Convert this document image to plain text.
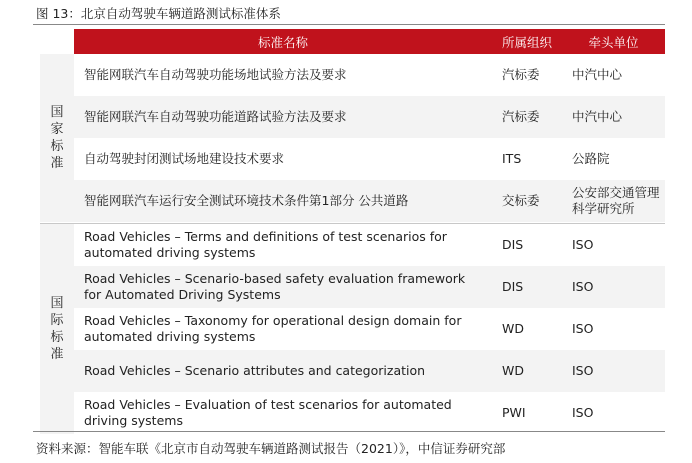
图 13：北京自动驾驶车辆道路测试标准体系
	标准名称	所属组织	牵头单位

国家标准	智能网联汽车自动驾驶功能场地试验方法及要求	汽标委	中汽中心
	智能网联汽车自动驾驶功能道路试验方法及要求	汽标委	中汽中心
	自动驾驶封闭测试场地建设技术要求	ITS	公路院
	智能网联汽车运行安全测试环境技术条件第1部分 公共道路	交标委	公安部交通管理科学研究所

国际标准	Road Vehicles – Terms and definitions of test scenarios for automated driving systems	DIS	ISO
	Road Vehicles – Scenario-based safety evaluation framework for Automated Driving Systems	DIS	ISO
	Road Vehicles – Taxonomy for operational design domain for automated driving systems	WD	ISO
	Road Vehicles – Scenario attributes and categorization	WD	ISO
	Road Vehicles – Evaluation of test scenarios for automated driving systems	PWI	ISO
资料来源：智能车联《北京市自动驾驶车辆道路测试报告（2021）》，中信证券研究部
